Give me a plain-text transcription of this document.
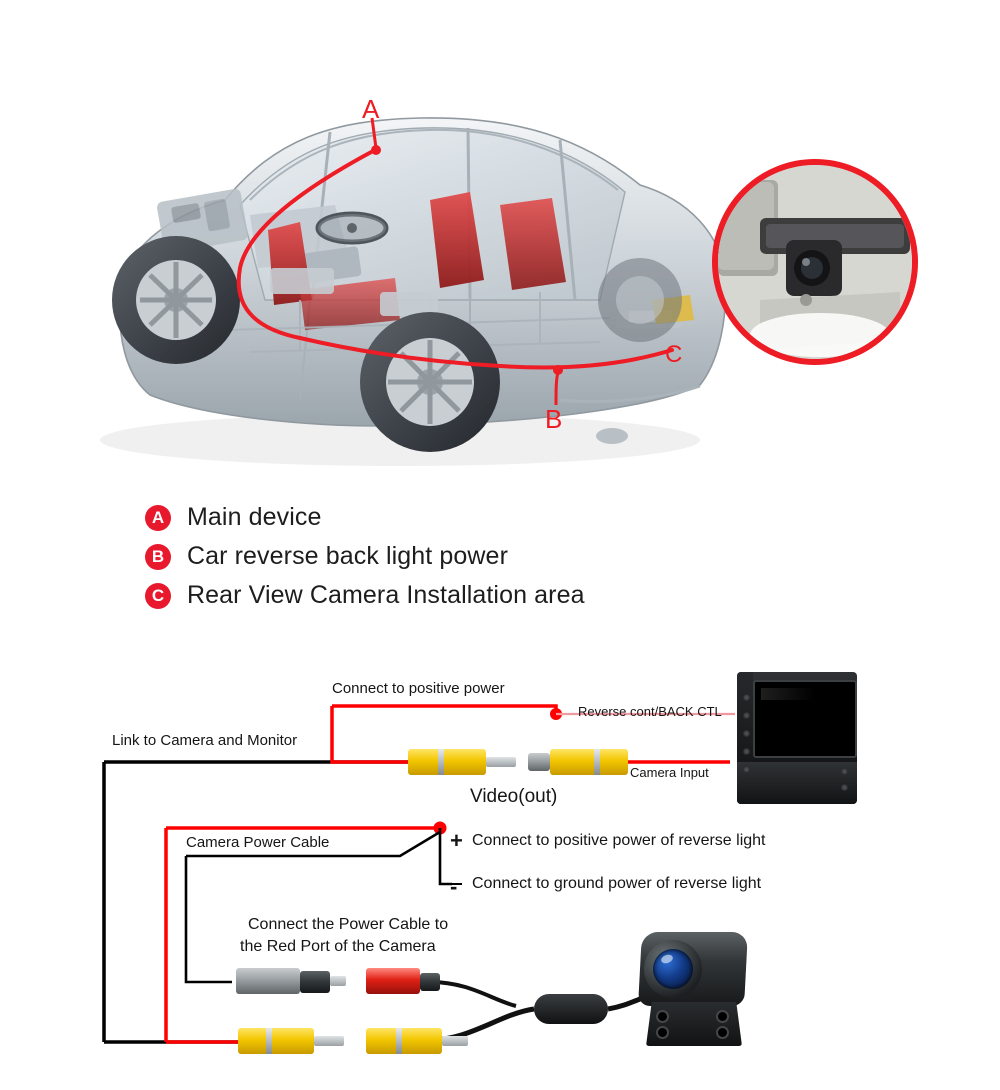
A
B
C
A Main device
B Car reverse back light power
C Rear View Camera Installation area
Connect to positive power
Reverse cont/BACK CTL
Link to Camera and Monitor
Camera Input
Video(out)
Camera Power Cable	+ Connect to positive power of reverse light
- Connect to ground power of reverse light
Connect the Power Cable to
the Red Port of the Camera
